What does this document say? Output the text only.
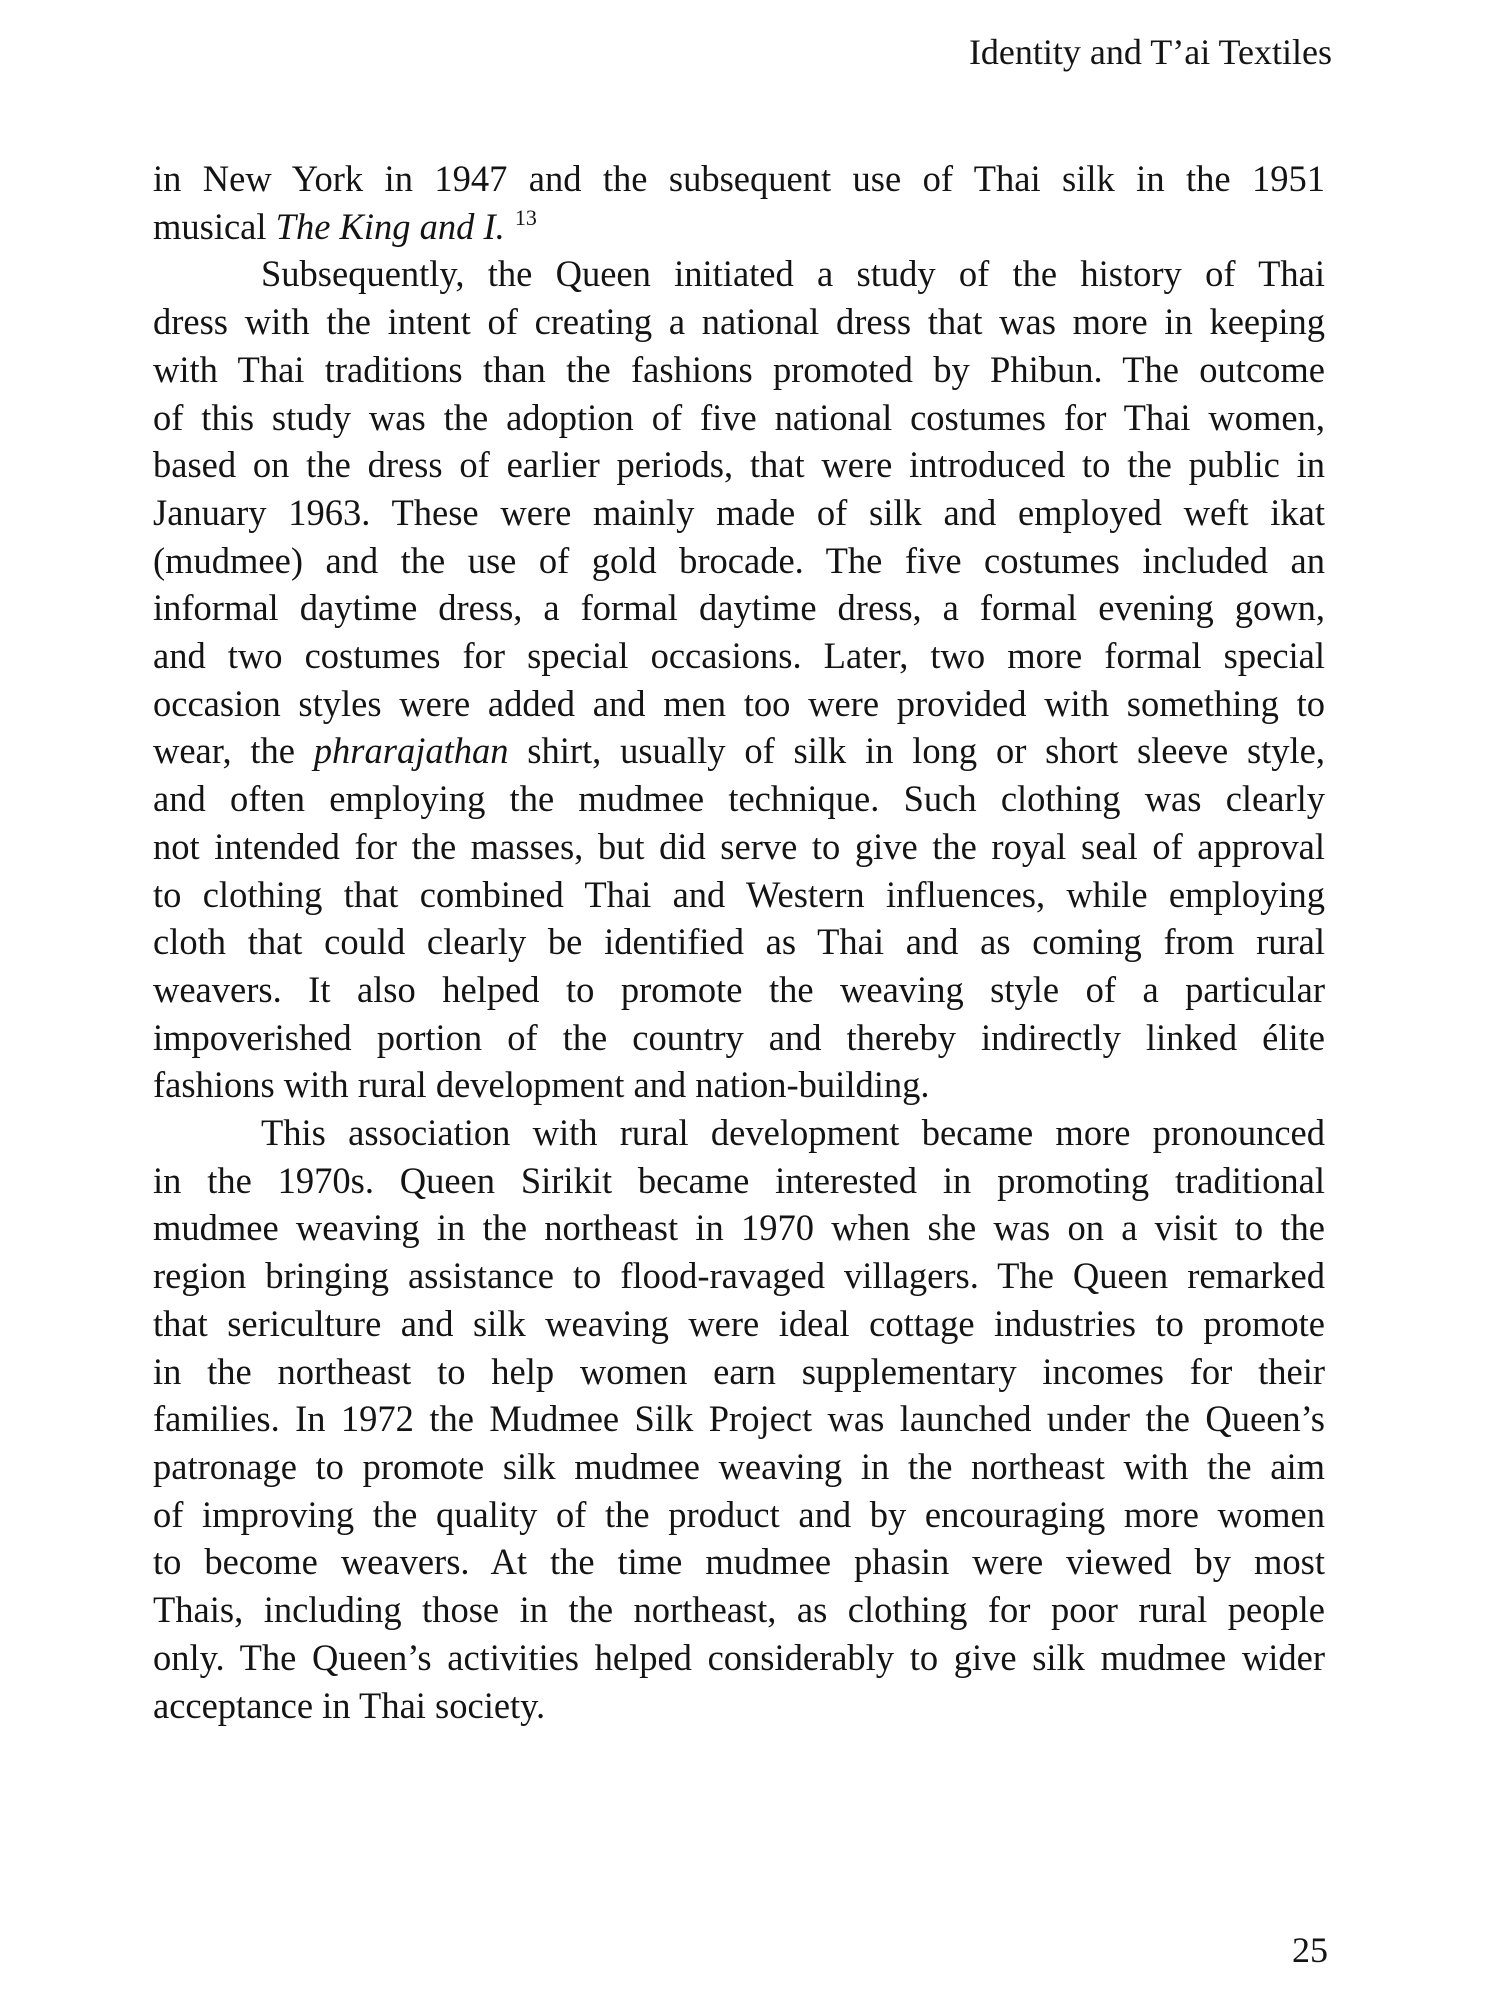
Identity and T’ai Textiles
in New York in 1947 and the subsequent use of Thai silk in the 1951
musical The King and I. $^{13}$
Subsequently, the Queen initiated a study of the history of Thai
dress with the intent of creating a national dress that was more in keeping
with Thai traditions than the fashions promoted by Phibun. The outcome
of this study was the adoption of five national costumes for Thai women,
based on the dress of earlier periods, that were introduced to the public in
January 1963. These were mainly made of silk and employed weft ikat
(mudmee) and the use of gold brocade. The five costumes included an
informal daytime dress, a formal daytime dress, a formal evening gown,
and two costumes for special occasions. Later, two more formal special
occasion styles were added and men too were provided with something to
wear, the phrarajathan shirt, usually of silk in long or short sleeve style,
and often employing the mudmee technique. Such clothing was clearly
not intended for the masses, but did serve to give the royal seal of approval
to clothing that combined Thai and Western influences, while employing
cloth that could clearly be identified as Thai and as coming from rural
weavers. It also helped to promote the weaving style of a particular
impoverished portion of the country and thereby indirectly linked élite
fashions with rural development and nation-building.
This association with rural development became more pronounced
in the 1970s. Queen Sirikit became interested in promoting traditional
mudmee weaving in the northeast in 1970 when she was on a visit to the
region bringing assistance to flood-ravaged villagers. The Queen remarked
that sericulture and silk weaving were ideal cottage industries to promote
in the northeast to help women earn supplementary incomes for their
families. In 1972 the Mudmee Silk Project was launched under the Queen’s
patronage to promote silk mudmee weaving in the northeast with the aim
of improving the quality of the product and by encouraging more women
to become weavers. At the time mudmee phasin were viewed by most
Thais, including those in the northeast, as clothing for poor rural people
only. The Queen’s activities helped considerably to give silk mudmee wider
acceptance in Thai society.
25
